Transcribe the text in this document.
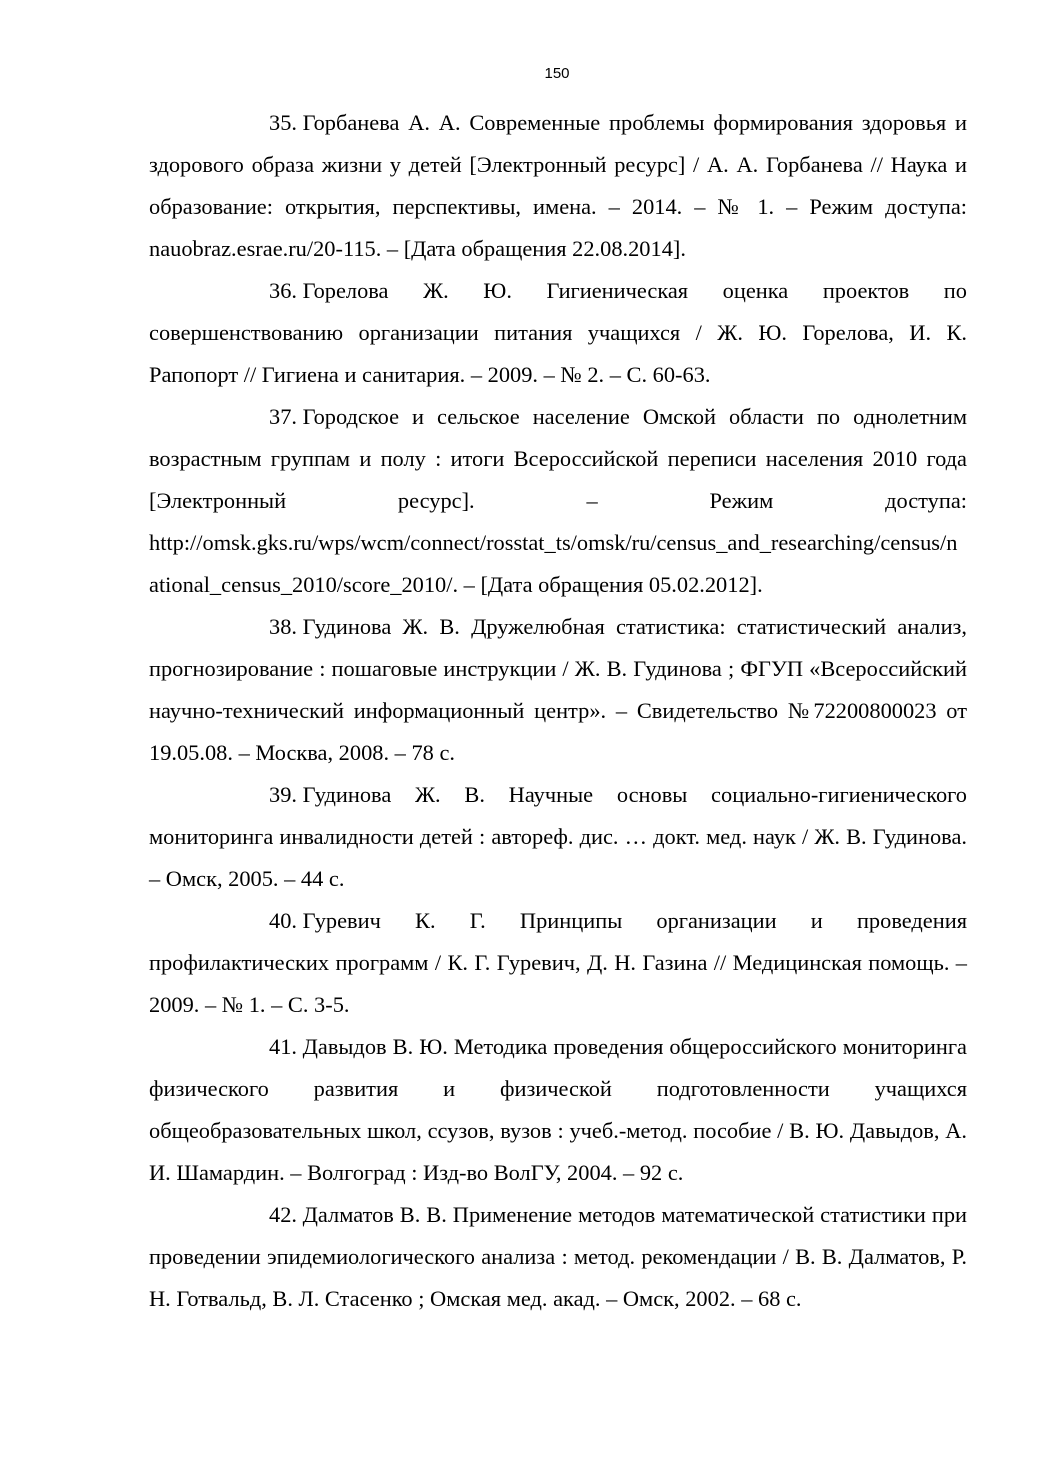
150
35. Горбанева А. А. Современные проблемы формирования здоровья и здорового образа жизни у детей [Электронный ресурс] / А. А. Горбанева // Наука и образование: открытия, перспективы, имена. – 2014. – № 1. – Режим доступа: nauobraz.esrae.ru/20-115. – [Дата обращения 22.08.2014].
36. Горелова Ж. Ю. Гигиеническая оценка проектов по совершенствованию организации питания учащихся / Ж. Ю. Горелова, И. К. Рапопорт // Гигиена и санитария. – 2009. – № 2. – С. 60-63.
37. Городское и сельское население Омской области по однолетним возрастным группам и полу : итоги Всероссийской переписи населения 2010 года [Электронный ресурс]. – Режим доступа: http://omsk.gks.ru/wps/wcm/connect/rosstat_ts/omsk/ru/census_and_researching/census/national_census_2010/score_2010/. – [Дата обращения 05.02.2012].
38. Гудинова Ж. В. Дружелюбная статистика: статистический анализ, прогнозирование : пошаговые инструкции / Ж. В. Гудинова ; ФГУП «Всероссийский научно-технический информационный центр». – Свидетельство №72200800023 от 19.05.08. – Москва, 2008. – 78 с.
39. Гудинова Ж. В. Научные основы социально-гигиенического мониторинга инвалидности детей : автореф. дис. … докт. мед. наук / Ж. В. Гудинова. – Омск, 2005. – 44 с.
40. Гуревич К. Г. Принципы организации и проведения профилактических программ / К. Г. Гуревич, Д. Н. Газина // Медицинская помощь. – 2009. – № 1. – С. 3-5.
41. Давыдов В. Ю. Методика проведения общероссийского мониторинга физического развития и физической подготовленности учащихся общеобразовательных школ, ссузов, вузов : учеб.-метод. пособие / В. Ю. Давыдов, А. И. Шамардин. – Волгоград : Изд-во ВолГУ, 2004. – 92 с.
42. Далматов В. В. Применение методов математической статистики при проведении эпидемиологического анализа : метод. рекомендации / В. В. Далматов, Р. Н. Готвальд, В. Л. Стасенко ; Омская мед. акад. – Омск, 2002. – 68 с.
